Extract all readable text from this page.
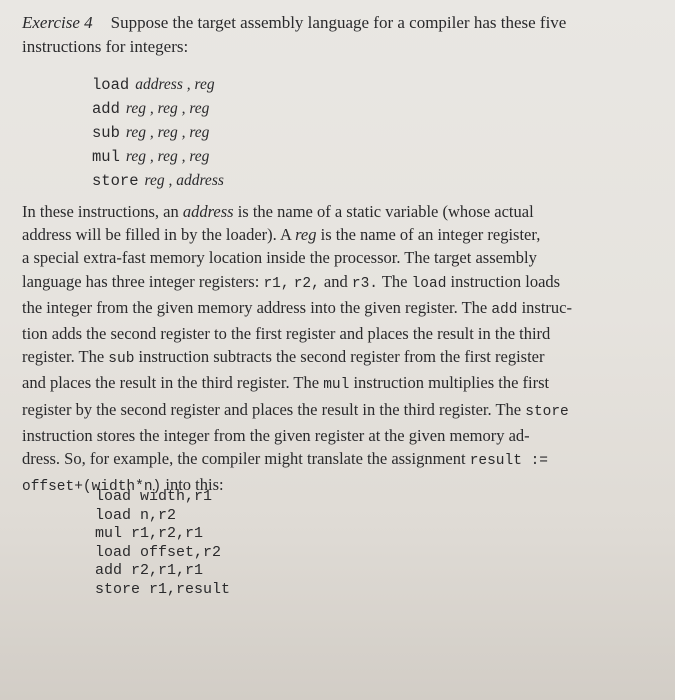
Exercise 4 Suppose the target assembly language for a compiler has these five
instructions for integers:
load address , reg
add reg , reg , reg
sub reg , reg , reg
mul reg , reg , reg
store reg , address
In these instructions, an address is the name of a static variable (whose actual
address will be filled in by the loader). A reg is the name of an integer register,
a special extra-fast memory location inside the processor. The target assembly
language has three integer registers: r1, r2, and r3. The load instruction loads
the integer from the given memory address into the given register. The add instruc-
tion adds the second register to the first register and places the result in the third
register. The sub instruction subtracts the second register from the first register
and places the result in the third register. The mul instruction multiplies the first
register by the second register and places the result in the third register. The store
instruction stores the integer from the given register at the given memory ad-
dress. So, for example, the compiler might translate the assignment result :=
offset+(width*n) into this:
load width,r1
load n,r2
mul r1,r2,r1
load offset,r2
add r2,r1,r1
store r1,result
